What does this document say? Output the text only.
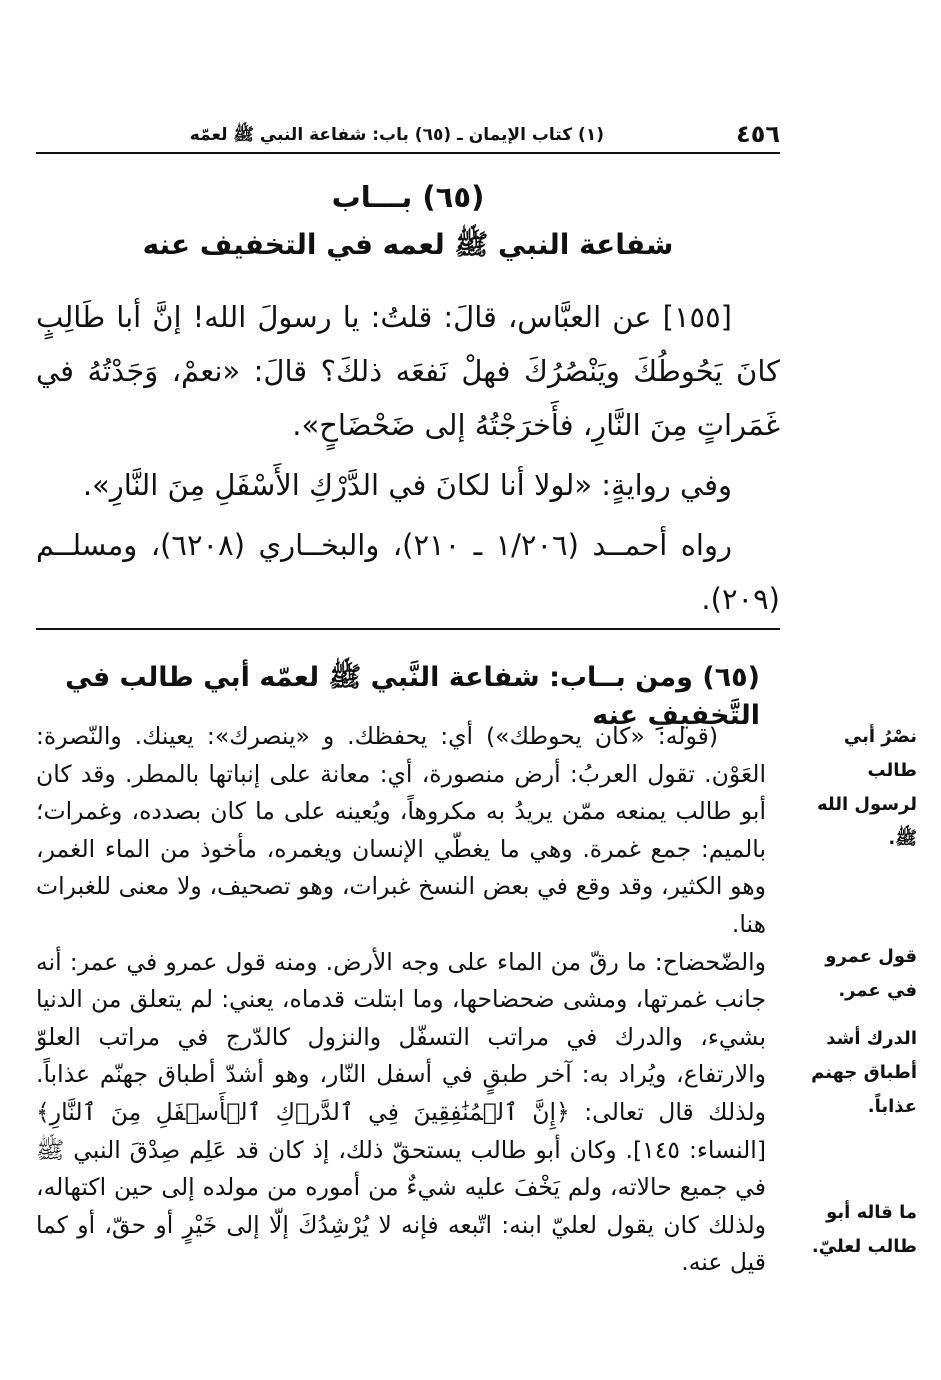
٤٥٦
(١) كتاب الإيمان ـ (٦٥) باب: شفاعة النبي ﷺ لعمّه
(٦٥) بـــاب
شفاعة النبي ﷺ لعمه في التخفيف عنه

[١٥٥] عن العبَّاس، قالَ: قلتُ: يا رسولَ الله! إنَّ أبا طَالِبٍ كانَ يَحُوطُكَ ويَنْصُرُكَ فهلْ نَفعَه ذلكَ؟ قالَ: «نعمْ، وَجَدْتُهُ في غَمَراتٍ مِنَ النَّارِ، فأَخرَجْتُهُ إلى ضَحْضَاحٍ».

وفي روايةٍ: «لولا أنا لكانَ في الدَّرْكِ الأَسْفَلِ مِنَ النَّارِ».

رواه أحمــد (١/٢٠٦ ـ ٢١٠)، والبخــاري (٦٢٠٨)، ومسلــم (٢٠٩).

(٦٥) ومن بــاب: شفاعة النَّبي ﷺ لعمّه أبي طالب في التَّخفيفِ عنه

(قوله: «كان يحوطك») أي: يحفظك. و «ينصرك»: يعينك. والنّصرة: العَوْن. تقول العربُ: أرض منصورة، أي: معانة على إنباتها بالمطر. وقد كان أبو طالب يمنعه ممّن يريدُ به مكروهاً، ويُعينه على ما كان بصدده، وغمرات؛ بالميم: جمع غمرة. وهي ما يغطّي الإنسان ويغمره، مأخوذ من الماء الغمر، وهو الكثير، وقد وقع في بعض النسخ غبرات، وهو تصحيف، ولا معنى للغبرات هنا.

والضّحضاح: ما رقّ من الماء على وجه الأرض. ومنه قول عمرو في عمر: أنه جانب غمرتها، ومشى ضحضاحها، وما ابتلت قدماه، يعني: لم يتعلق من الدنيا بشيء، والدرك في مراتب التسفّل والنزول كالدّرج في مراتب العلوّ والارتفاع، ويُراد به: آخر طبقٍ في أسفل النّار، وهو أشدّ أطباق جهنّم عذاباً. ولذلك قال تعالى: ﴿إِنَّ ٱلۡمُنَٰفِقِينَ فِي ٱلدَّرۡكِ ٱلۡأَسۡفَلِ مِنَ ٱلنَّارِ﴾ [النساء: ١٤٥]. وكان أبو طالب يستحقّ ذلك، إذ كان قد عَلِم صِدْقَ النبي ﷺ في جميع حالاته، ولم يَخْفَ عليه شيءٌ من أموره من مولده إلى حين اكتهاله، ولذلك كان يقول لعليّ ابنه: اتّبعه فإنه لا يُرْشِدُكَ إلّا إلى خَيْرٍ أو حقّ، أو كما قيل عنه.

نصْرُ أبي طالب لرسول الله ﷺ.
قول عمرو في عمر.
الدرك أشد أطباق جهنم عذاباً.
ما قاله أبو طالب لعليّ.
